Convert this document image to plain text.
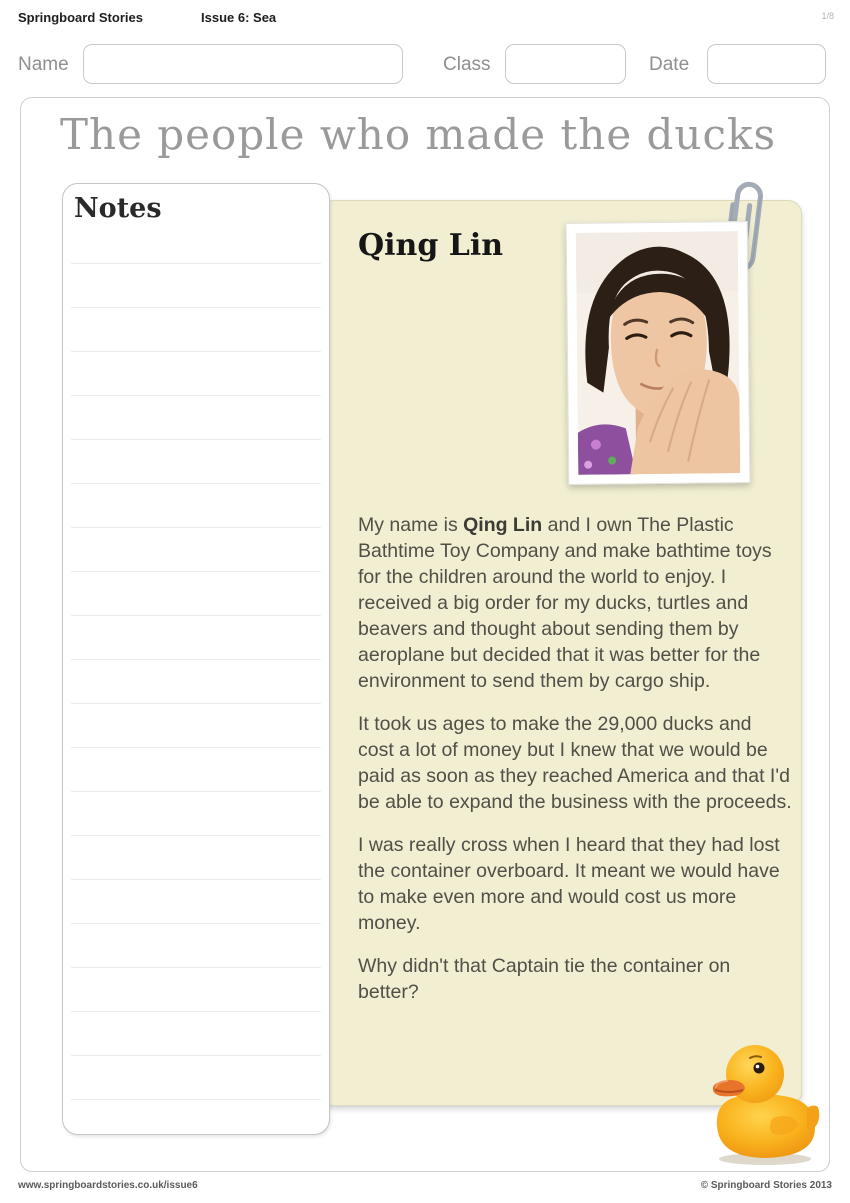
Springboard Stories	Issue 6: Sea	1/8
Name	Class	Date
The people who made the ducks
Qing Lin

My name is Qing Lin and I own The Plastic Bathtime Toy Company and make bathtime toys for the children around the world to enjoy. I received a big order for my ducks, turtles and beavers and thought about sending them by aeroplane but decided that it was better for the environment to send them by cargo ship.

It took us ages to make the 29,000 ducks and cost a lot of money but I knew that we would be paid as soon as they reached America and that I'd be able to expand the business with the proceeds.

I was really cross when I heard that they had lost the container overboard. It meant we would have to make even more and would cost us more money.

Why didn't that Captain tie the container on better?

Notes
www.springboardstories.co.uk/issue6	© Springboard Stories 2013
